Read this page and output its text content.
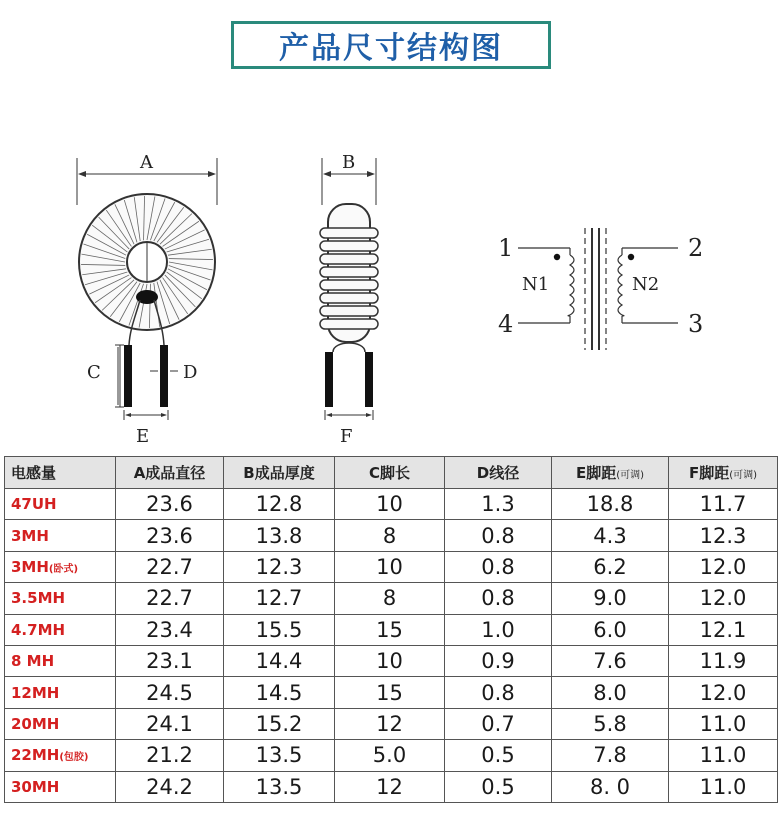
产品尺寸结构图
A
C	D
E
B
F
1	2
3
4
N1	N2
电感量	A成品直径	B成品厚度	C脚长	D线径	E脚距(可调)	F脚距(可调)
47UH	23.6	12.8	10	1.3	18.8	11.7
3MH	23.6	13.8	8	0.8	4.3	12.3
3MH(卧式)	22.7	12.3	10	0.8	6.2	12.0
3.5MH	22.7	12.7	8	0.8	9.0	12.0
4.7MH	23.4	15.5	15	1.0	6.0	12.1
8 MH	23.1	14.4	10	0.9	7.6	11.9
12MH	24.5	14.5	15	0.8	8.0	12.0
20MH	24.1	15.2	12	0.7	5.8	11.0
22MH(包胶)	21.2	13.5	5.0	0.5	7.8	11.0
30MH	24.2	13.5	12	0.5	8. 0	11.0
